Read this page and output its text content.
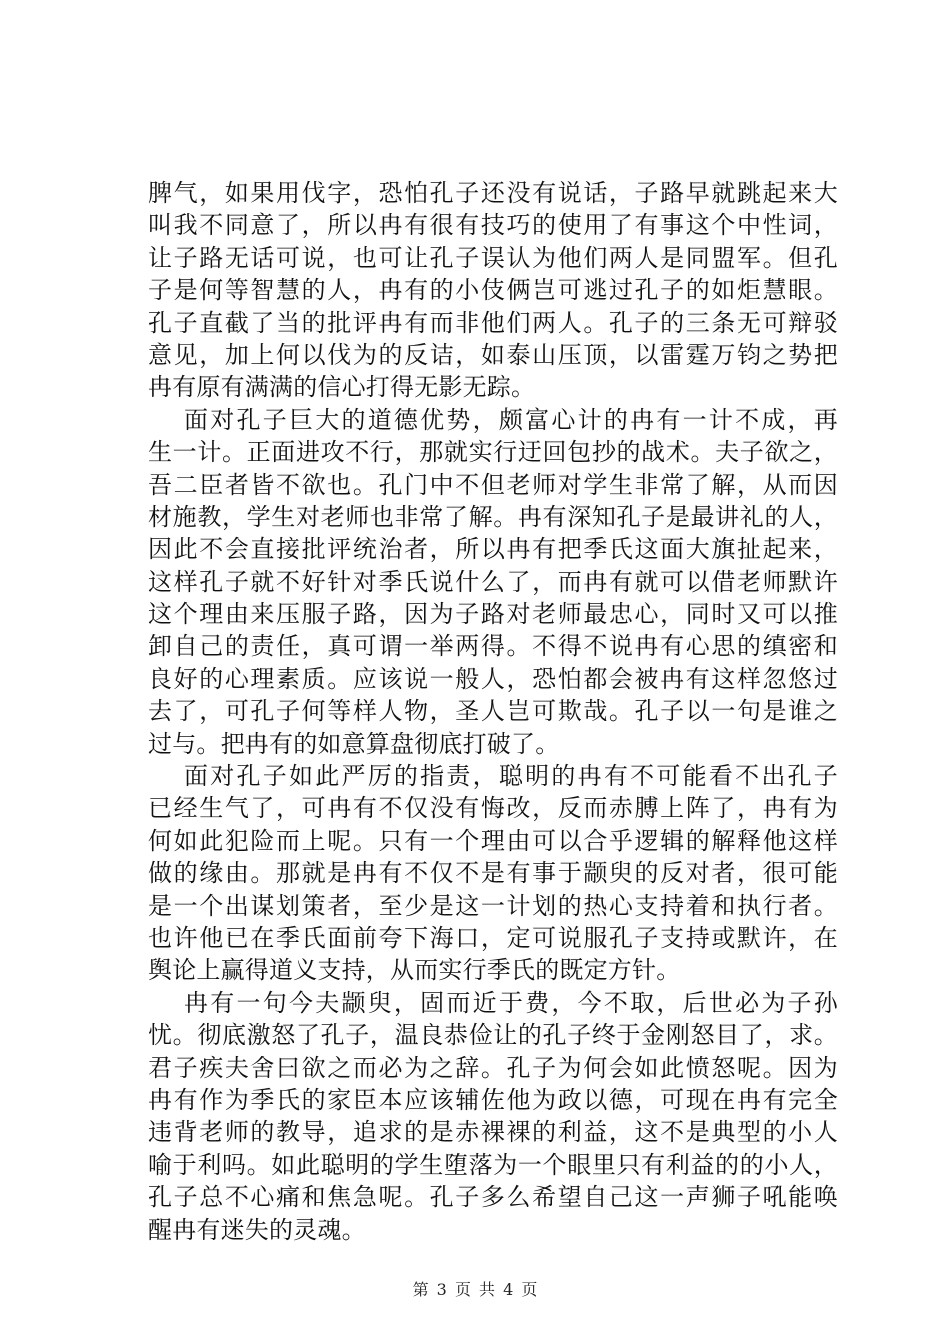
脾气，如果用伐字，恐怕孔子还没有说话，子路早就跳起来大
叫我不同意了，所以冉有很有技巧的使用了有事这个中性词，
让子路无话可说，也可让孔子误认为他们两人是同盟军。但孔
子是何等智慧的人，冉有的小伎俩岂可逃过孔子的如炬慧眼。
孔子直截了当的批评冉有而非他们两人。孔子的三条无可辩驳
意见，加上何以伐为的反诘，如泰山压顶，以雷霆万钧之势把
冉有原有满满的信心打得无影无踪。
面对孔子巨大的道德优势，颇富心计的冉有一计不成，再
生一计。正面进攻不行，那就实行迂回包抄的战术。夫子欲之，
吾二臣者皆不欲也。孔门中不但老师对学生非常了解，从而因
材施教，学生对老师也非常了解。冉有深知孔子是最讲礼的人，
因此不会直接批评统治者，所以冉有把季氏这面大旗扯起来，
这样孔子就不好针对季氏说什么了，而冉有就可以借老师默许
这个理由来压服子路，因为子路对老师最忠心，同时又可以推
卸自己的责任，真可谓一举两得。不得不说冉有心思的缜密和
良好的心理素质。应该说一般人，恐怕都会被冉有这样忽悠过
去了，可孔子何等样人物，圣人岂可欺哉。孔子以一句是谁之
过与。把冉有的如意算盘彻底打破了。
面对孔子如此严厉的指责，聪明的冉有不可能看不出孔子
已经生气了，可冉有不仅没有悔改，反而赤膊上阵了，冉有为
何如此犯险而上呢。只有一个理由可以合乎逻辑的解释他这样
做的缘由。那就是冉有不仅不是有事于颛臾的反对者，很可能
是一个出谋划策者，至少是这一计划的热心支持着和执行者。
也许他已在季氏面前夸下海口，定可说服孔子支持或默许，在
舆论上赢得道义支持，从而实行季氏的既定方针。
冉有一句今夫颛臾，固而近于费，今不取，后世必为子孙
忧。彻底激怒了孔子，温良恭俭让的孔子终于金刚怒目了，求。
君子疾夫舍曰欲之而必为之辞。孔子为何会如此愤怒呢。因为
冉有作为季氏的家臣本应该辅佐他为政以德，可现在冉有完全
违背老师的教导，追求的是赤裸裸的利益，这不是典型的小人
喻于利吗。如此聪明的学生堕落为一个眼里只有利益的的小人，
孔子总不心痛和焦急呢。孔子多么希望自己这一声狮子吼能唤
醒冉有迷失的灵魂。
第 3 页 共 4 页
